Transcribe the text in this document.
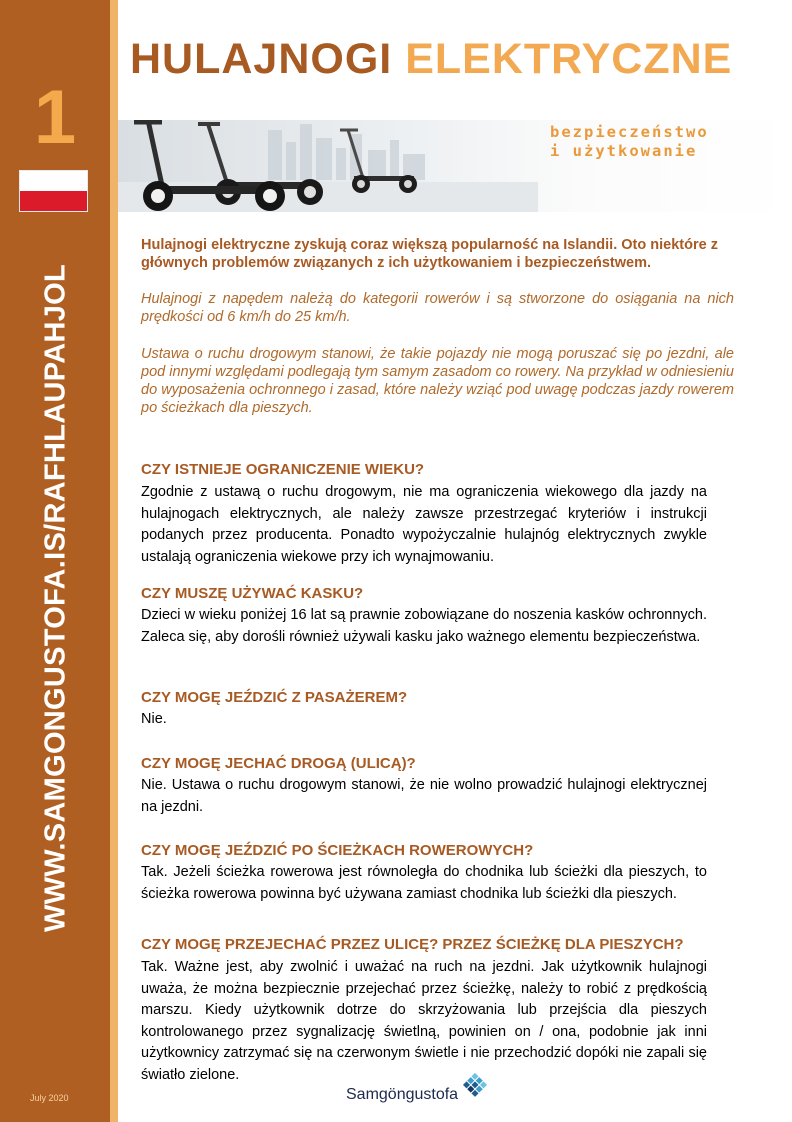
1
WWW.SAMGONGUSTOFA.IS/RAFHLAUPAHJOL
July 2020
HULAJNOGI ELEKTRYCZNE
bezpieczeństwo
i użytkowanie

Hulajnogi elektryczne zyskują coraz większą popularność na Islandii. Oto niektóre z głównych problemów związanych z ich użytkowaniem i bezpieczeństwem.

Hulajnogi z napędem należą do kategorii rowerów i są stworzone do osiągania na nich prędkości od 6 km/h do 25 km/h.

Ustawa o ruchu drogowym stanowi, że takie pojazdy nie mogą poruszać się po jezdni, ale pod innymi względami podlegają tym samym zasadom co rowery. Na przykład w odniesieniu do wyposażenia ochronnego i zasad, które należy wziąć pod uwagę podczas jazdy rowerem po ścieżkach dla pieszych.

CZY ISTNIEJE OGRANICZENIE WIEKU?

Zgodnie z ustawą o ruchu drogowym, nie ma ograniczenia wiekowego dla jazdy na hulajnogach elektrycznych, ale należy zawsze przestrzegać kryteriów i instrukcji podanych przez producenta. Ponadto wypożyczalnie hulajnóg elektrycznych zwykle ustalają ograniczenia wiekowe przy ich wynajmowaniu.

CZY MUSZĘ UŻYWAĆ KASKU?

Dzieci w wieku poniżej 16 lat są prawnie zobowiązane do noszenia kasków ochronnych. Zaleca się, aby dorośli również używali kasku jako ważnego elementu bezpieczeństwa.

CZY MOGĘ JEŹDZIĆ Z PASAŻEREM?

Nie.

CZY MOGĘ JECHAĆ DROGĄ (ULICĄ)?

Nie. Ustawa o ruchu drogowym stanowi, że nie wolno prowadzić hulajnogi elektrycznej na jezdni.

CZY MOGĘ JEŹDZIĆ PO ŚCIEŻKACH ROWEROWYCH?

Tak. Jeżeli ścieżka rowerowa jest równoległa do chodnika lub ścieżki dla pieszych, to ścieżka rowerowa powinna być używana zamiast chodnika lub ścieżki dla pieszych.

CZY MOGĘ PRZEJECHAĆ PRZEZ ULICĘ? PRZEZ ŚCIEŻKĘ DLA PIESZYCH?

Tak. Ważne jest, aby zwolnić i uważać na ruch na jezdni. Jak użytkownik hulajnogi uważa, że można bezpiecznie przejechać przez ścieżkę, należy to robić z prędkością marszu. Kiedy użytkownik dotrze do skrzyżowania lub przejścia dla pieszych kontrolowanego przez sygnalizację świetlną, powinien on / ona, podobnie jak inni użytkownicy zatrzymać się na czerwonym świetle i nie przechodzić dopóki nie zapali się światło zielone.

Samgöngustofa
